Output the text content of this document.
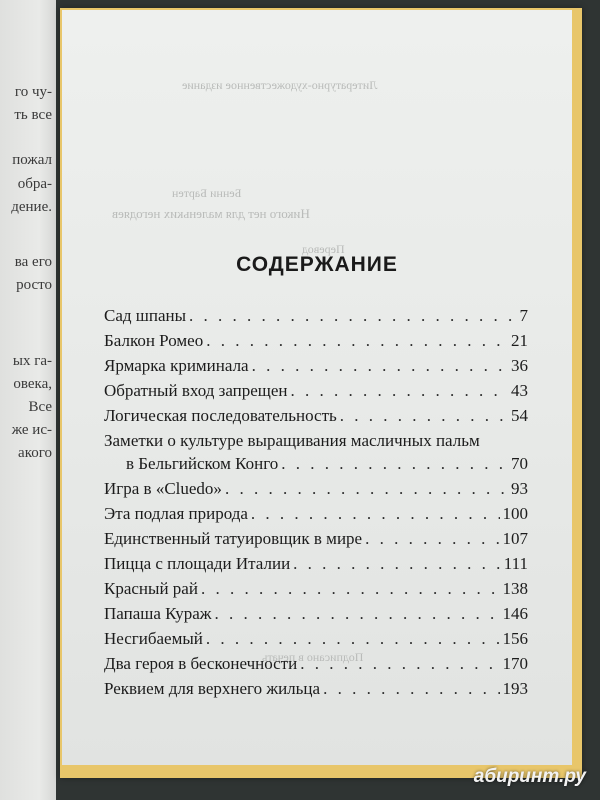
го чу-
ть все
пожал
обра-
дение.
ва его
росто
ых га-
овека,
Все
же ис-
акого
Литературно-художественное издание
Никого нет для маленьких негодяев
Бенни Бартен
Перевод
Подписано в печать
СОДЕРЖАНИЕ
Сад шпаны . . .	7
Балкон Ромео . . .	21
Ярмарка криминала . . .	36
Обратный вход запрещен . . .	43
Логическая последовательность . . .	54
Заметки о культуре выращивания масличных пальм
в Бельгийском Конго . . .	70
Игра в «Cluedo» . . .	93
Эта подлая природа . . .	100
Единственный татуировщик в мире . . .	107
Пицца с площади Италии . . .	111
Красный рай . . .	138
Папаша Кураж . . .	146
Несгибаемый . . .	156
Два героя в бесконечности . . .	170
Реквием для верхнего жильца . . .	193
абиринт.ру
